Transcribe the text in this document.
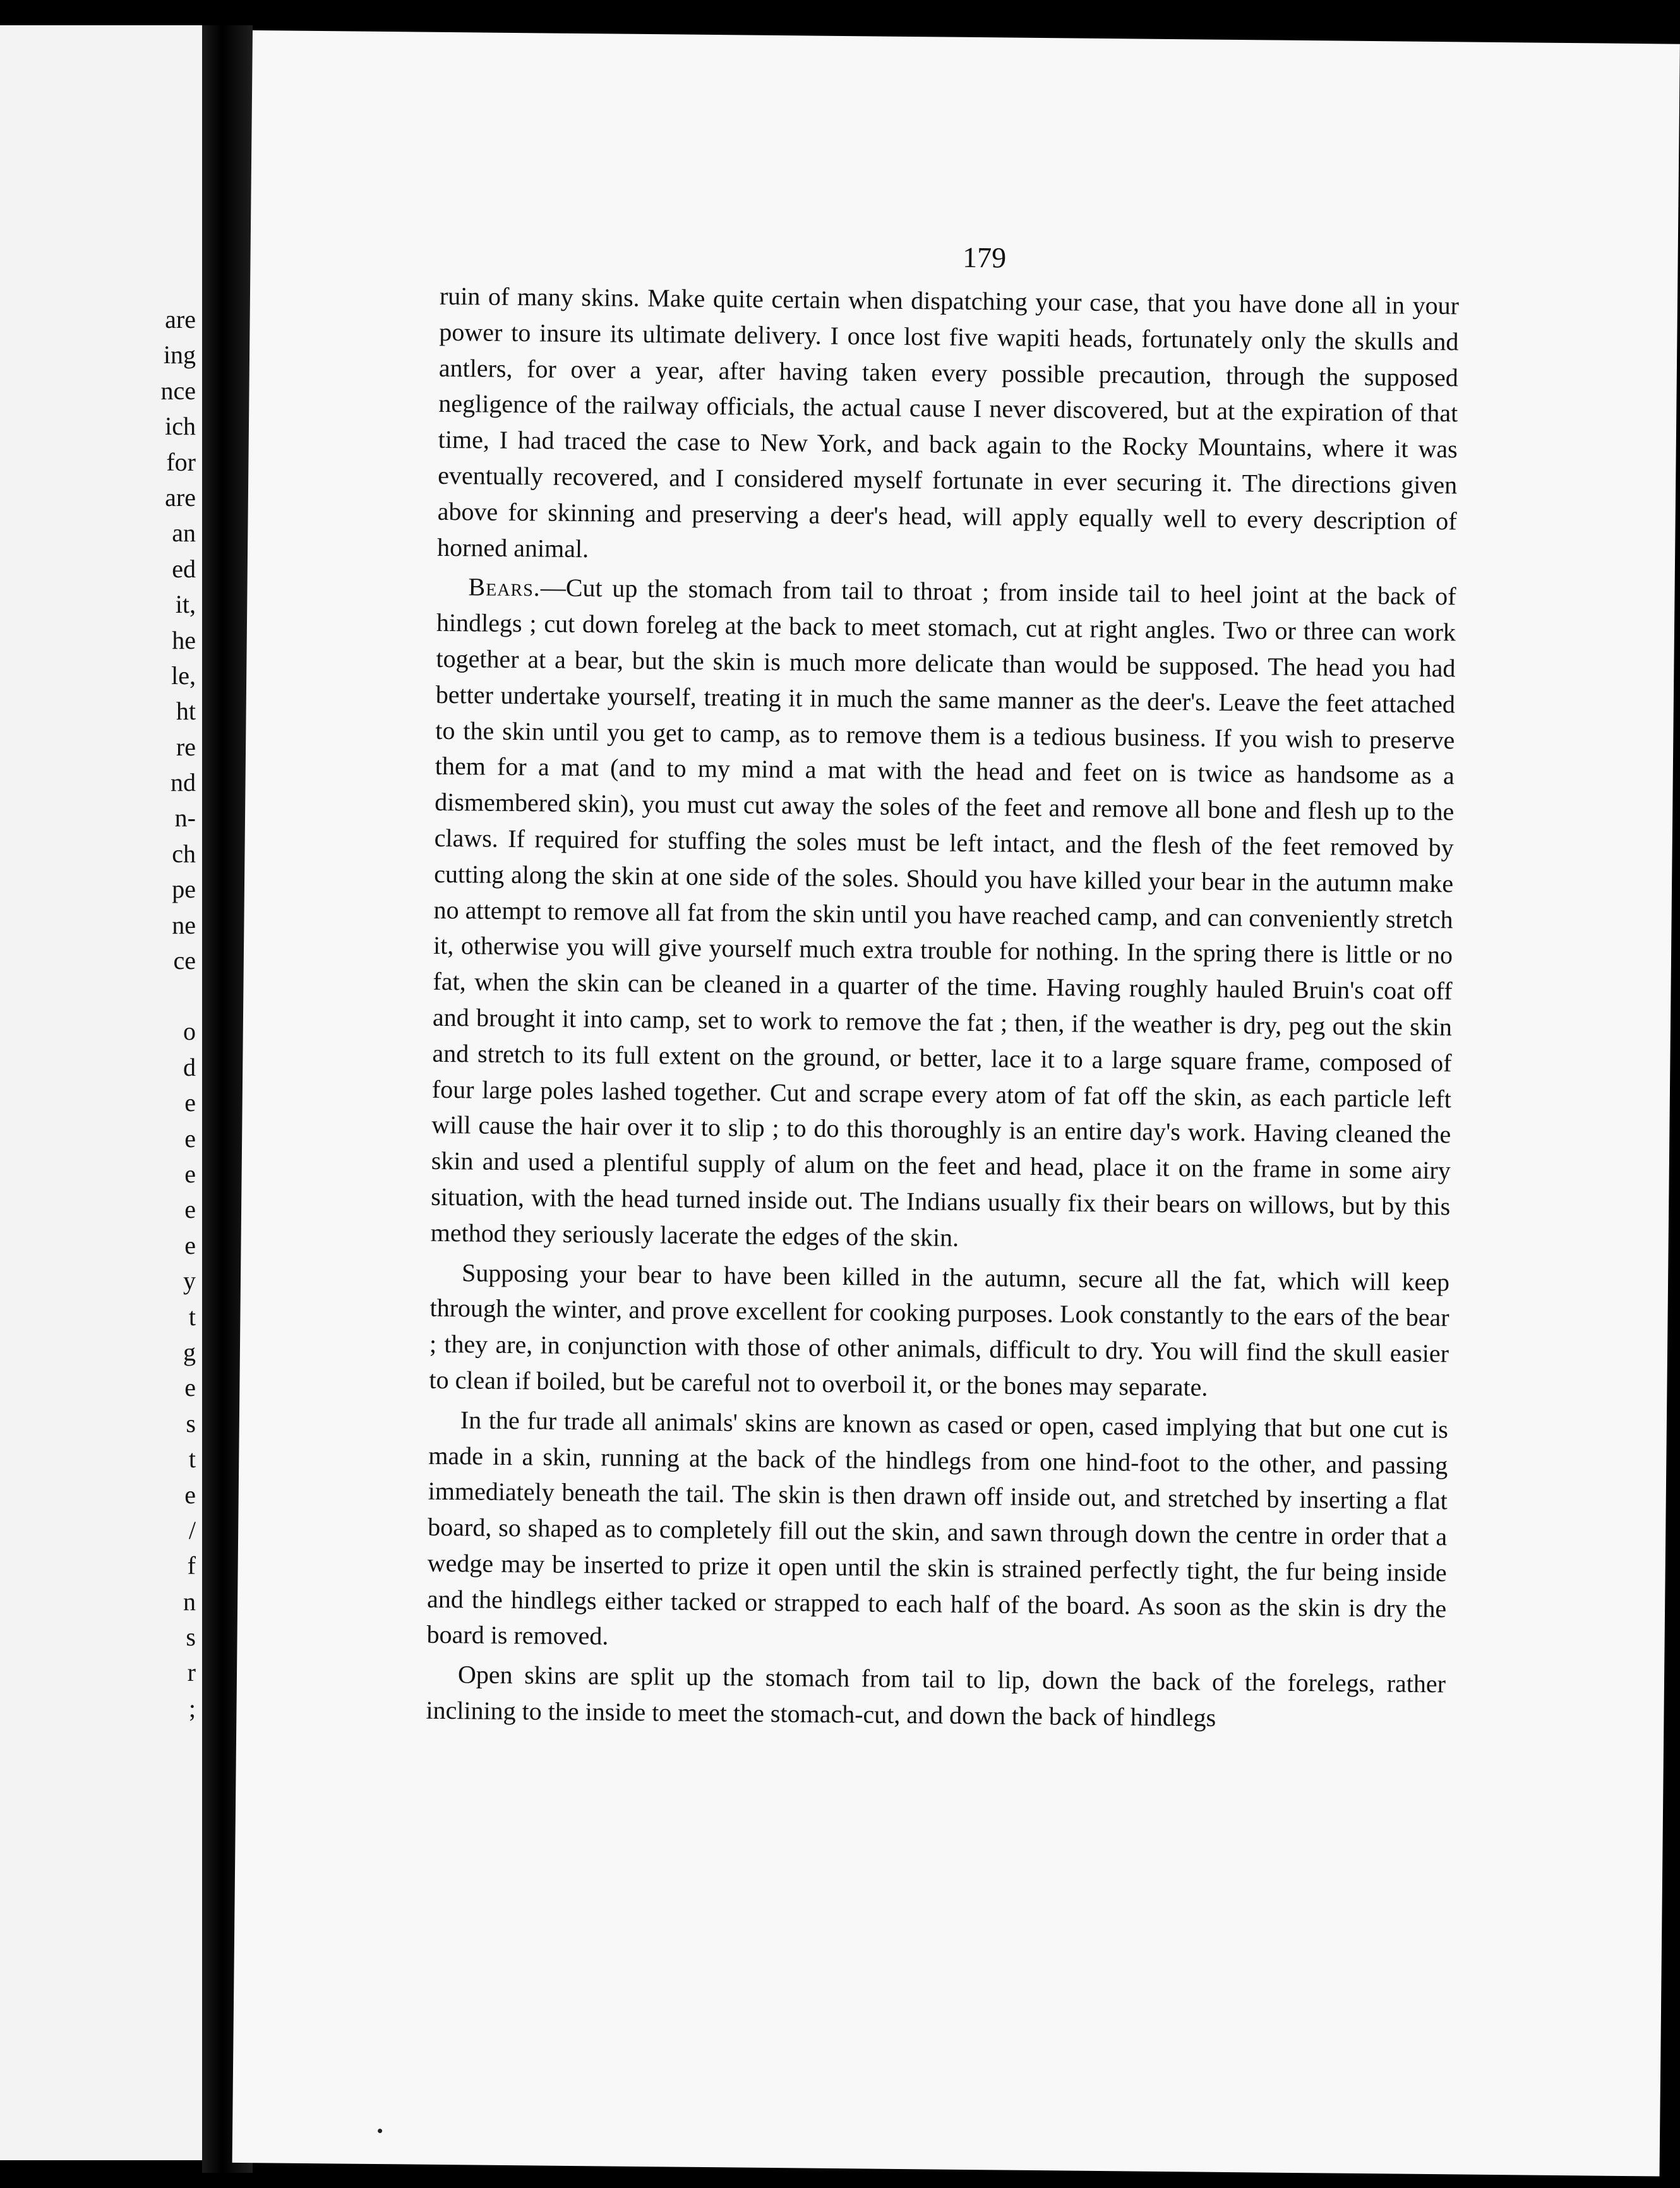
are
ing
nce
ich
for
are
an
ed
it,
he
le,
ht
re
nd
n-
ch
pe
ne
ce
o
d
e
e
e
e
e
y
t
g
e
s
t
e
/
f
n
s
r
;
179

ruin of many skins. Make quite certain when dispatching your case, that you have done all in your power to insure its ultimate delivery. I once lost five wapiti heads, fortunately only the skulls and antlers, for over a year, after having taken every possible precaution, through the supposed negligence of the railway officials, the actual cause I never discovered, but at the expiration of that time, I had traced the case to New York, and back again to the Rocky Mountains, where it was eventually recovered, and I considered myself fortunate in ever securing it. The directions given above for skinning and preserving a deer's head, will apply equally well to every description of horned animal.

Bears.—Cut up the stomach from tail to throat ; from inside tail to heel joint at the back of hindlegs ; cut down foreleg at the back to meet stomach, cut at right angles. Two or three can work together at a bear, but the skin is much more delicate than would be supposed. The head you had better undertake yourself, treating it in much the same manner as the deer's. Leave the feet attached to the skin until you get to camp, as to remove them is a tedious business. If you wish to preserve them for a mat (and to my mind a mat with the head and feet on is twice as handsome as a dismembered skin), you must cut away the soles of the feet and remove all bone and flesh up to the claws. If required for stuffing the soles must be left intact, and the flesh of the feet removed by cutting along the skin at one side of the soles. Should you have killed your bear in the autumn make no attempt to remove all fat from the skin until you have reached camp, and can conveniently stretch it, otherwise you will give yourself much extra trouble for nothing. In the spring there is little or no fat, when the skin can be cleaned in a quarter of the time. Having roughly hauled Bruin's coat off and brought it into camp, set to work to remove the fat ; then, if the weather is dry, peg out the skin and stretch to its full extent on the ground, or better, lace it to a large square frame, composed of four large poles lashed together. Cut and scrape every atom of fat off the skin, as each particle left will cause the hair over it to slip ; to do this thoroughly is an entire day's work. Having cleaned the skin and used a plentiful supply of alum on the feet and head, place it on the frame in some airy situation, with the head turned inside out. The Indians usually fix their bears on willows, but by this method they seriously lacerate the edges of the skin.

Supposing your bear to have been killed in the autumn, secure all the fat, which will keep through the winter, and prove excellent for cooking purposes. Look constantly to the ears of the bear ; they are, in conjunction with those of other animals, difficult to dry. You will find the skull easier to clean if boiled, but be careful not to overboil it, or the bones may separate.

In the fur trade all animals' skins are known as cased or open, cased implying that but one cut is made in a skin, running at the back of the hindlegs from one hind-foot to the other, and passing immediately beneath the tail. The skin is then drawn off inside out, and stretched by inserting a flat board, so shaped as to completely fill out the skin, and sawn through down the centre in order that a wedge may be inserted to prize it open until the skin is strained perfectly tight, the fur being inside and the hindlegs either tacked or strapped to each half of the board. As soon as the skin is dry the board is removed.

Open skins are split up the stomach from tail to lip, down the back of the forelegs, rather inclining to the inside to meet the stomach-cut, and down the back of hindlegs
